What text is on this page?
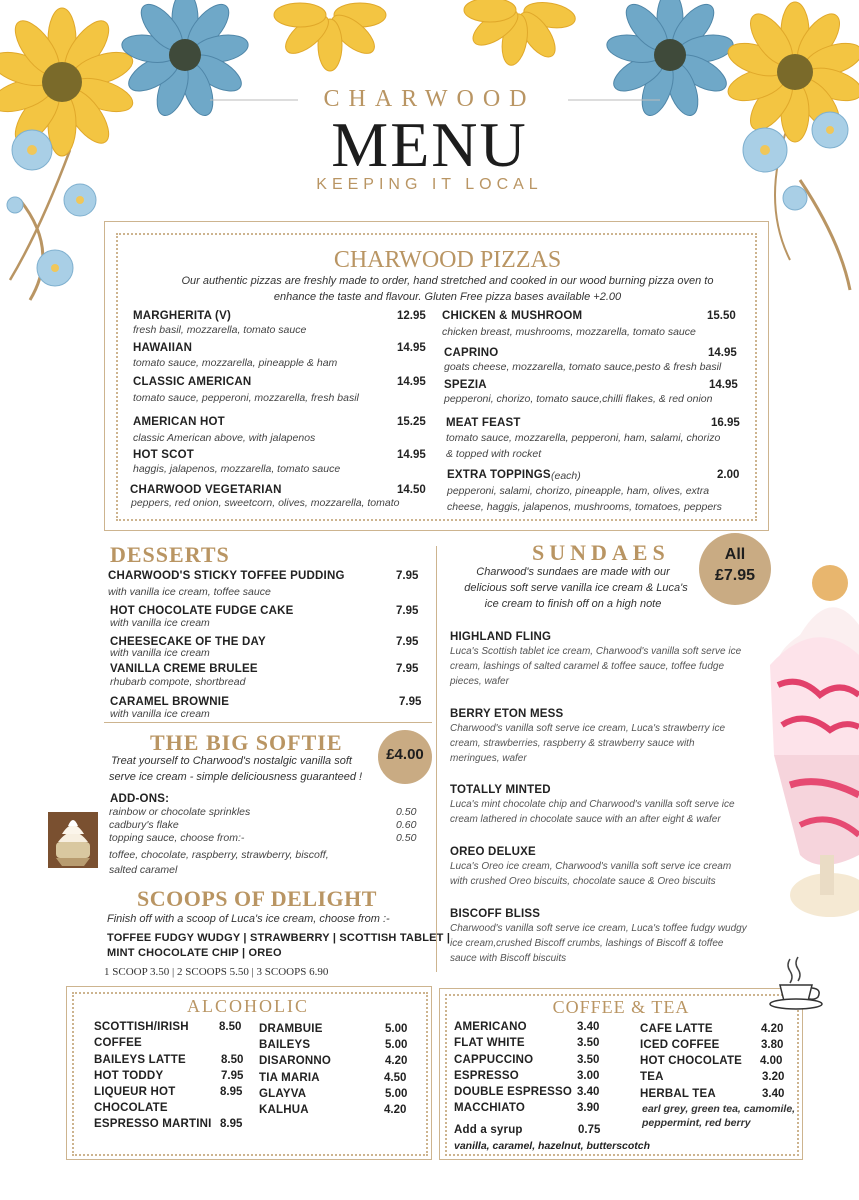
CHARWOOD
MENU
KEEPING IT LOCAL
CHARWOOD PIZZAS
Our authentic pizzas are freshly made to order, hand stretched and cooked in our wood burning pizza oven to
enhance the taste and flavour. Gluten Free pizza bases available +2.00
MARGHERITA (V)	12.95
fresh basil, mozzarella, tomato sauce
HAWAIIAN	14.95
tomato sauce, mozzarella, pineapple & ham
CLASSIC AMERICAN	14.95
tomato sauce, pepperoni, mozzarella, fresh basil
AMERICAN HOT	15.25
classic American above, with jalapenos
HOT SCOT	14.95
haggis, jalapenos, mozzarella, tomato sauce
CHARWOOD VEGETARIAN	14.50
peppers, red onion, sweetcorn, olives, mozzarella, tomato
CHICKEN & MUSHROOM	15.50
chicken breast, mushrooms, mozzarella, tomato sauce
CAPRINO	14.95
goats cheese, mozzarella, tomato sauce,pesto & fresh basil
SPEZIA	14.95
pepperoni, chorizo, tomato sauce,chilli flakes, & red onion
MEAT FEAST	16.95
tomato sauce, mozzarella, pepperoni, ham, salami, chorizo
& topped with rocket
EXTRA TOPPINGS (each)	2.00
pepperoni, salami, chorizo, pineapple, ham, olives, extra
cheese, haggis, jalapenos, mushrooms, tomatoes, peppers
DESSERTS
CHARWOOD'S STICKY TOFFEE PUDDING	7.95
with vanilla ice cream, toffee sauce
HOT CHOCOLATE FUDGE CAKE	7.95
with vanilla ice cream
CHEESECAKE OF THE DAY	7.95
with vanilla ice cream
VANILLA CREME BRULEE	7.95
rhubarb compote, shortbread
CARAMEL BROWNIE	7.95
with vanilla ice cream
THE BIG SOFTIE	£4.00
Treat yourself to Charwood's nostalgic vanilla soft
serve ice cream - simple deliciousness guaranteed !
ADD-ONS:
rainbow or chocolate sprinkles	0.50
cadbury's flake	0.60
topping sauce, choose from:-	0.50
toffee, chocolate, raspberry, strawberry, biscoff,
salted caramel
SCOOPS OF DELIGHT
Finish off with a scoop of Luca's ice cream, choose from :-
TOFFEE FUDGY WUDGY | STRAWBERRY | SCOTTISH TABLET |
MINT CHOCOLATE CHIP | OREO
1 SCOOP 3.50 | 2 SCOOPS 5.50 | 3 SCOOPS 6.90
SUNDAES	All
£7.95
Charwood's sundaes are made with our
delicious soft serve vanilla ice cream & Luca's
ice cream to finish off on a high note
HIGHLAND FLING
Luca's Scottish tablet ice cream, Charwood's vanilla soft serve ice
cream, lashings of salted caramel & toffee sauce, toffee fudge
pieces, wafer
BERRY ETON MESS
Charwood's vanilla soft serve ice cream, Luca's strawberry ice
cream, strawberries, raspberry & strawberry sauce with
meringues, wafer
TOTALLY MINTED
Luca's mint chocolate chip and Charwood's vanilla soft serve ice
cream lathered in chocolate sauce with an after eight & wafer
OREO DELUXE
Luca's Oreo ice cream, Charwood's vanilla soft serve ice cream
with crushed Oreo biscuits, chocolate sauce & Oreo biscuits
BISCOFF BLISS
Charwood's vanilla soft serve ice cream, Luca's toffee fudgy wudgy
ice cream,crushed Biscoff crumbs, lashings of Biscoff & toffee
sauce with Biscoff biscuits
ALCOHOLIC
SCOTTISH/IRISH	8.50
COFFEE
BAILEYS LATTE	8.50
HOT TODDY	7.95
LIQUEUR HOT	8.95
CHOCOLATE
ESPRESSO MARTINI 8.95
DRAMBUIE	5.00
BAILEYS	5.00
DISARONNO	4.20
TIA MARIA	4.50
GLAYVA	5.00
KALHUA	4.20
COFFEE & TEA
AMERICANO	3.40
FLAT WHITE	3.50
CAPPUCCINO	3.50
ESPRESSO	3.00
DOUBLE ESPRESSO 3.40
MACCHIATO	3.90
CAFE LATTE	4.20
ICED COFFEE	3.80
HOT CHOCOLATE 4.00
TEA	3.20
HERBAL TEA	3.40
earl grey, green tea, camomile,
peppermint, red berry
Add a syrup	0.75
vanilla, caramel, hazelnut, butterscotch
